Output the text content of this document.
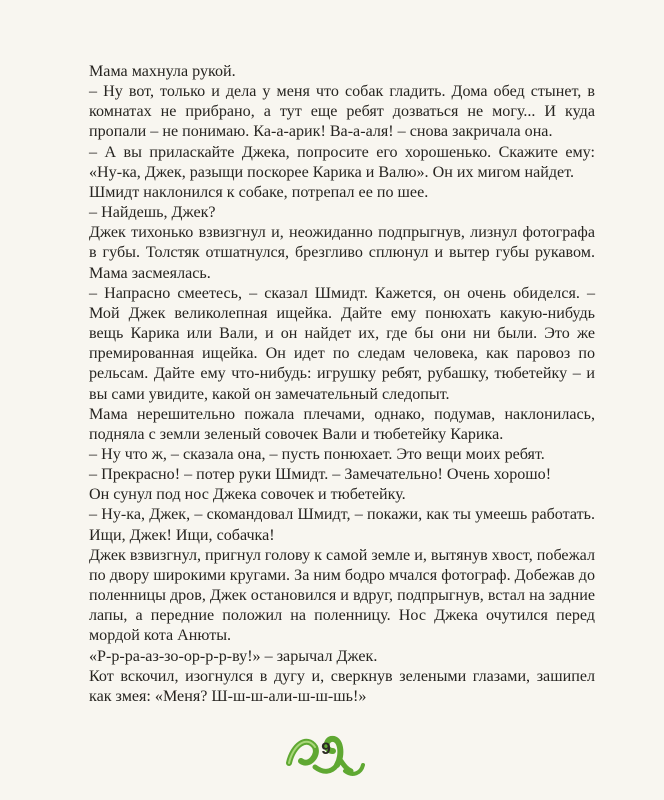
Мама махнула рукой.

– Ну вот, только и дела у меня что собак гладить. Дома обед стынет, в комнатах не прибрано, а тут еще ребят дозваться не могу... И куда пропали – не понимаю. Ка-а-арик! Ва-а-аля! – снова закричала она.

– А вы приласкайте Джека, попросите его хорошенько. Скажите ему: «Ну-ка, Джек, разыщи поскорее Карика и Валю». Он их мигом найдет.

Шмидт наклонился к собаке, потрепал ее по шее.

– Найдешь, Джек?

Джек тихонько взвизгнул и, неожиданно подпрыгнув, лизнул фотографа в губы. Толстяк отшатнулся, брезгливо сплюнул и вытер губы рукавом. Мама засмеялась.

– Напрасно смеетесь, – сказал Шмидт. Кажется, он очень обиделся. – Мой Джек великолепная ищейка. Дайте ему понюхать какую-нибудь вещь Карика или Вали, и он найдет их, где бы они ни были. Это же премированная ищейка. Он идет по следам человека, как паровоз по рельсам. Дайте ему что-нибудь: игрушку ребят, рубашку, тюбетейку – и вы сами увидите, какой он замечательный следопыт.

Мама нерешительно пожала плечами, однако, подумав, наклонилась, подняла с земли зеленый совочек Вали и тюбетейку Карика.

– Ну что ж, – сказала она, – пусть понюхает. Это вещи моих ребят.

– Прекрасно! – потер руки Шмидт. – Замечательно! Очень хорошо!

Он сунул под нос Джека совочек и тюбетейку.

– Ну-ка, Джек, – скомандовал Шмидт, – покажи, как ты умеешь работать. Ищи, Джек! Ищи, собачка!

Джек взвизгнул, пригнул голову к самой земле и, вытянув хвост, побежал по двору широкими кругами. За ним бодро мчался фотограф. Добежав до поленницы дров, Джек остановился и вдруг, подпрыгнув, встал на задние лапы, а передние положил на поленницу. Нос Джека очутился перед мордой кота Анюты.

«Р-р-ра-аз-зо-ор-р-р-ву!» – зарычал Джек.

Кот вскочил, изогнулся в дугу и, сверкнув зелеными глазами, зашипел как змея: «Меня? Ш-ш-ш-али-ш-ш-шь!»

9
